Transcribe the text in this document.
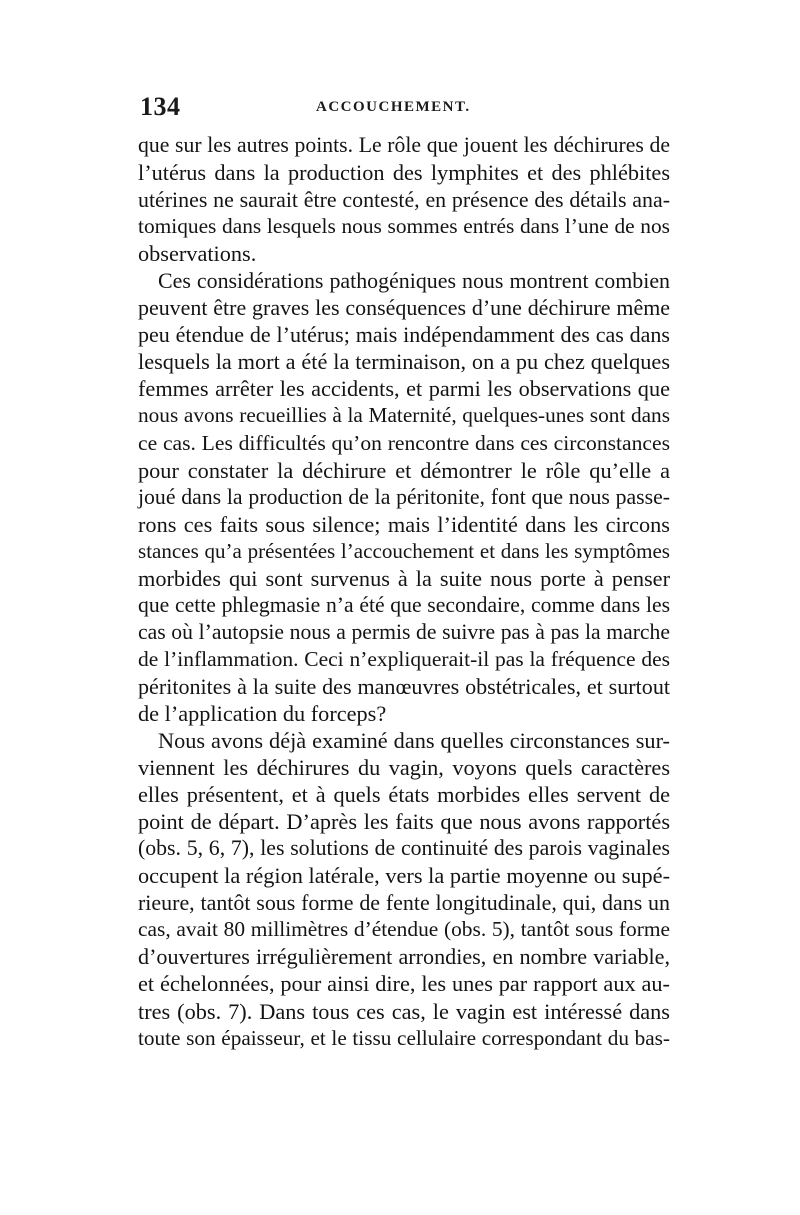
134	ACCOUCHEMENT.
que sur les autres points. Le rôle que jouent les déchirures de
l’utérus dans la production des lymphites et des phlébites
utérines ne saurait être contesté, en présence des détails ana-
tomiques dans lesquels nous sommes entrés dans l’une de nos
observations.
Ces considérations pathogéniques nous montrent combien
peuvent être graves les conséquences d’une déchirure même
peu étendue de l’utérus; mais indépendamment des cas dans
lesquels la mort a été la terminaison, on a pu chez quelques
femmes arrêter les accidents, et parmi les observations que
nous avons recueillies à la Maternité, quelques-unes sont dans
ce cas. Les difficultés qu’on rencontre dans ces circonstances
pour constater la déchirure et démontrer le rôle qu’elle a
joué dans la production de la péritonite, font que nous passe-
rons ces faits sous silence; mais l’identité dans les circons
stances qu’a présentées l’accouchement et dans les symptômes
morbides qui sont survenus à la suite nous porte à penser
que cette phlegmasie n’a été que secondaire, comme dans les
cas où l’autopsie nous a permis de suivre pas à pas la marche
de l’inflammation. Ceci n’expliquerait-il pas la fréquence des
péritonites à la suite des manœuvres obstétricales, et surtout
de l’application du forceps?
Nous avons déjà examiné dans quelles circonstances sur-
viennent les déchirures du vagin, voyons quels caractères
elles présentent, et à quels états morbides elles servent de
point de départ. D’après les faits que nous avons rapportés
(obs. 5, 6, 7), les solutions de continuité des parois vaginales
occupent la région latérale, vers la partie moyenne ou supé-
rieure, tantôt sous forme de fente longitudinale, qui, dans un
cas, avait 80 millimètres d’étendue (obs. 5), tantôt sous forme
d’ouvertures irrégulièrement arrondies, en nombre variable,
et échelonnées, pour ainsi dire, les unes par rapport aux au-
tres (obs. 7). Dans tous ces cas, le vagin est intéressé dans
toute son épaisseur, et le tissu cellulaire correspondant du bas-
